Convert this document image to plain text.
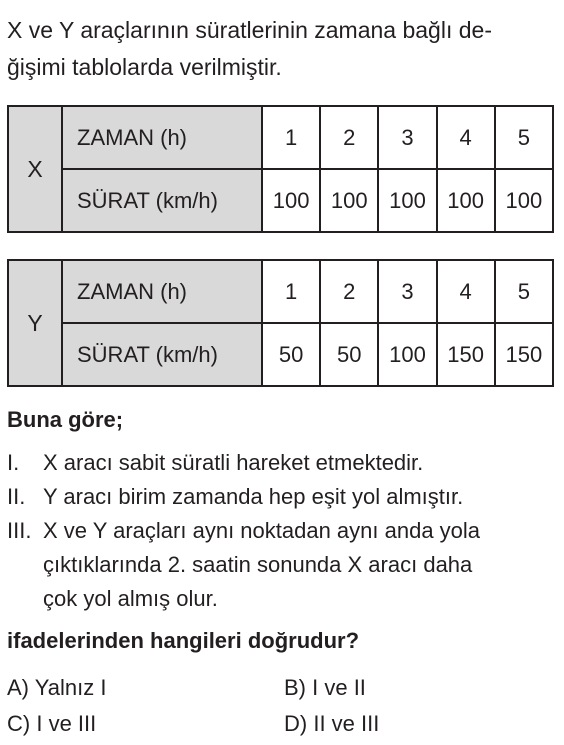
X ve Y araçlarının süratlerinin zamana bağlı de-
ğişimi tablolarda verilmiştir.
X	ZAMAN (h)	1	2	3	4	5
	SÜRAT (km/h)	100	100	100	100	100
Y	ZAMAN (h)	1	2	3	4	5
	SÜRAT (km/h)	50	50	100	150	150

Buna göre;

I.	X aracı sabit süratli hareket etmektedir.
II. Y aracı birim zamanda hep eşit yol almıştır.
III. X ve Y araçları aynı noktadan aynı anda yola
çıktıklarında 2. saatin sonunda X aracı daha
çok yol almış olur.

ifadelerinden hangileri doğrudur?

A) Yalnız I	B) I ve II
C) I ve III	D) II ve III
